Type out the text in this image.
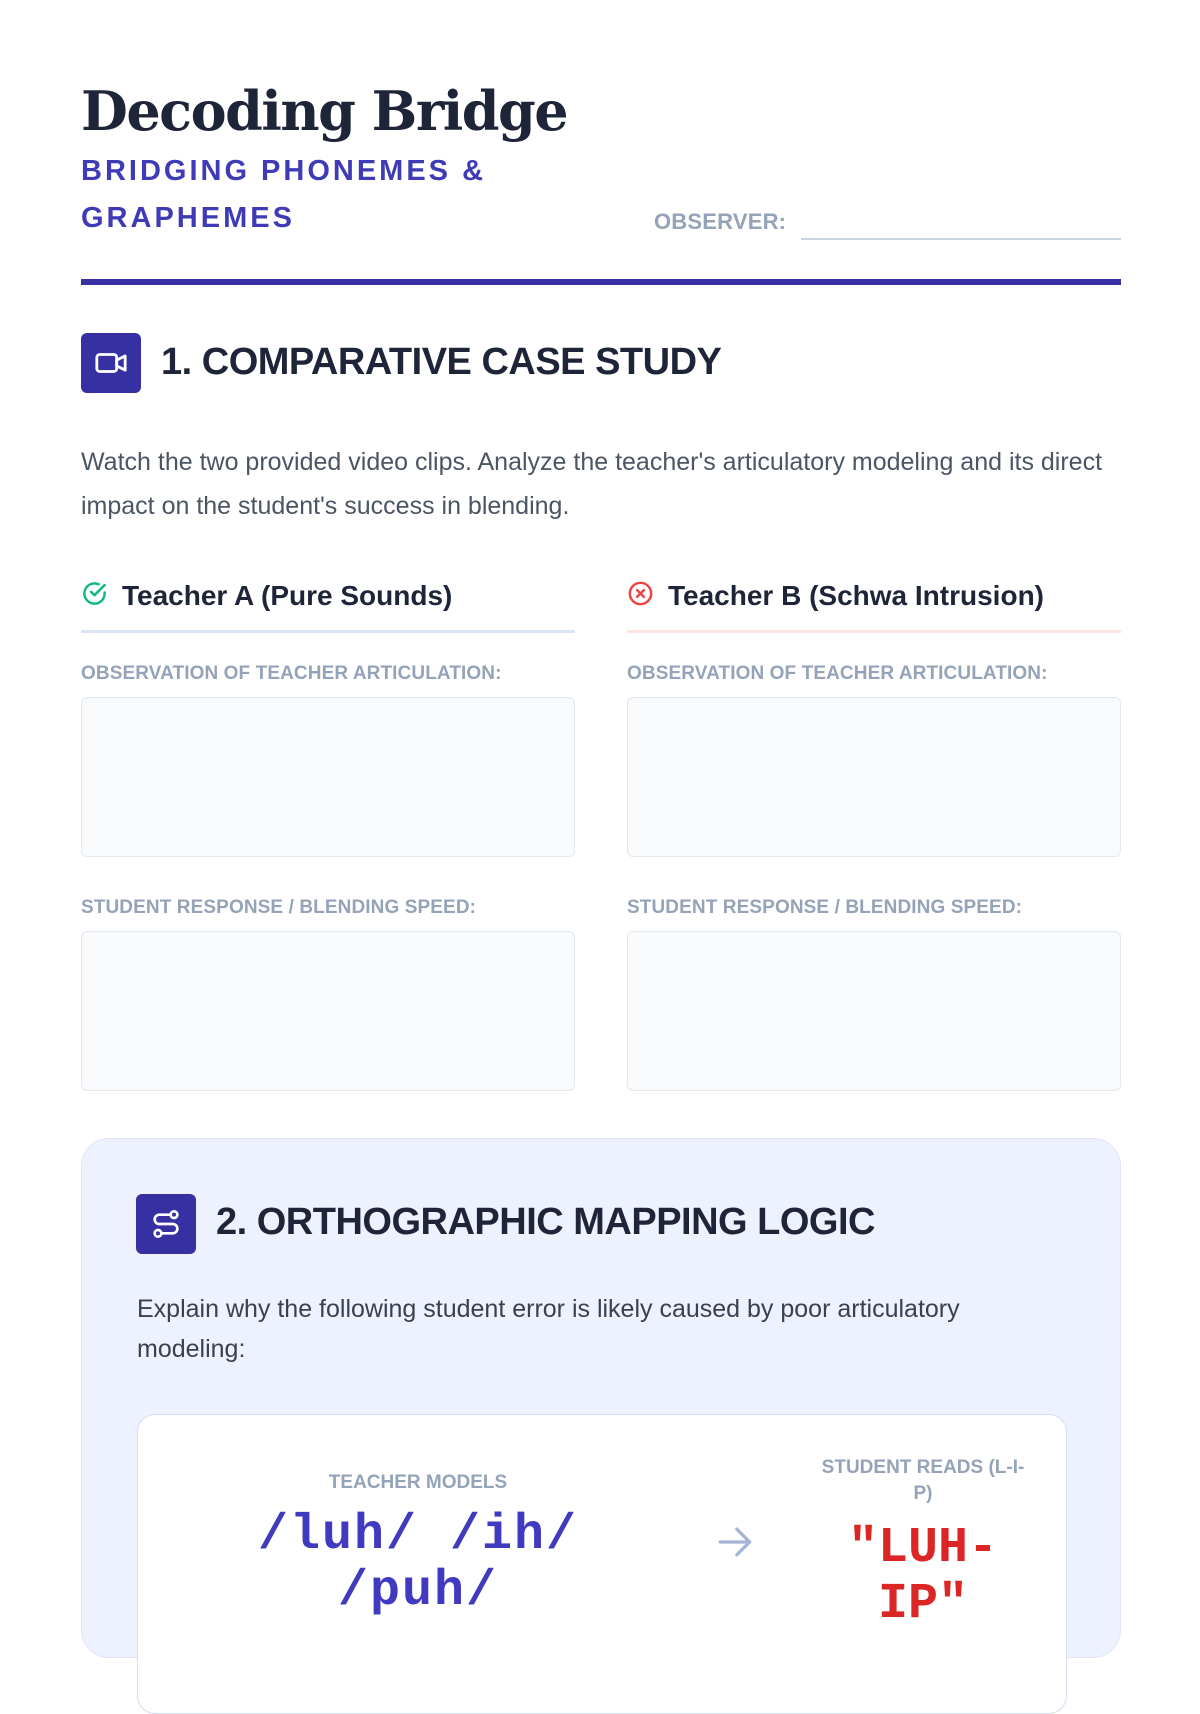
Decoding Bridge
BRIDGING PHONEMES & GRAPHEMES	OBSERVER:
1. COMPARATIVE CASE STUDY

Watch the two provided video clips. Analyze the teacher's articulatory modeling and its direct impact on the student's success in blending.

Teacher A (Pure Sounds)
OBSERVATION OF TEACHER ARTICULATION:
STUDENT RESPONSE / BLENDING SPEED:
Teacher B (Schwa Intrusion)
OBSERVATION OF TEACHER ARTICULATION:
STUDENT RESPONSE / BLENDING SPEED:
2. ORTHOGRAPHIC MAPPING LOGIC

Explain why the following student error is likely caused by poor articulatory modeling:

TEACHER MODELS
/luh/ /ih/ /puh/
STUDENT READS (L-I-P)
"LUH-IP"
